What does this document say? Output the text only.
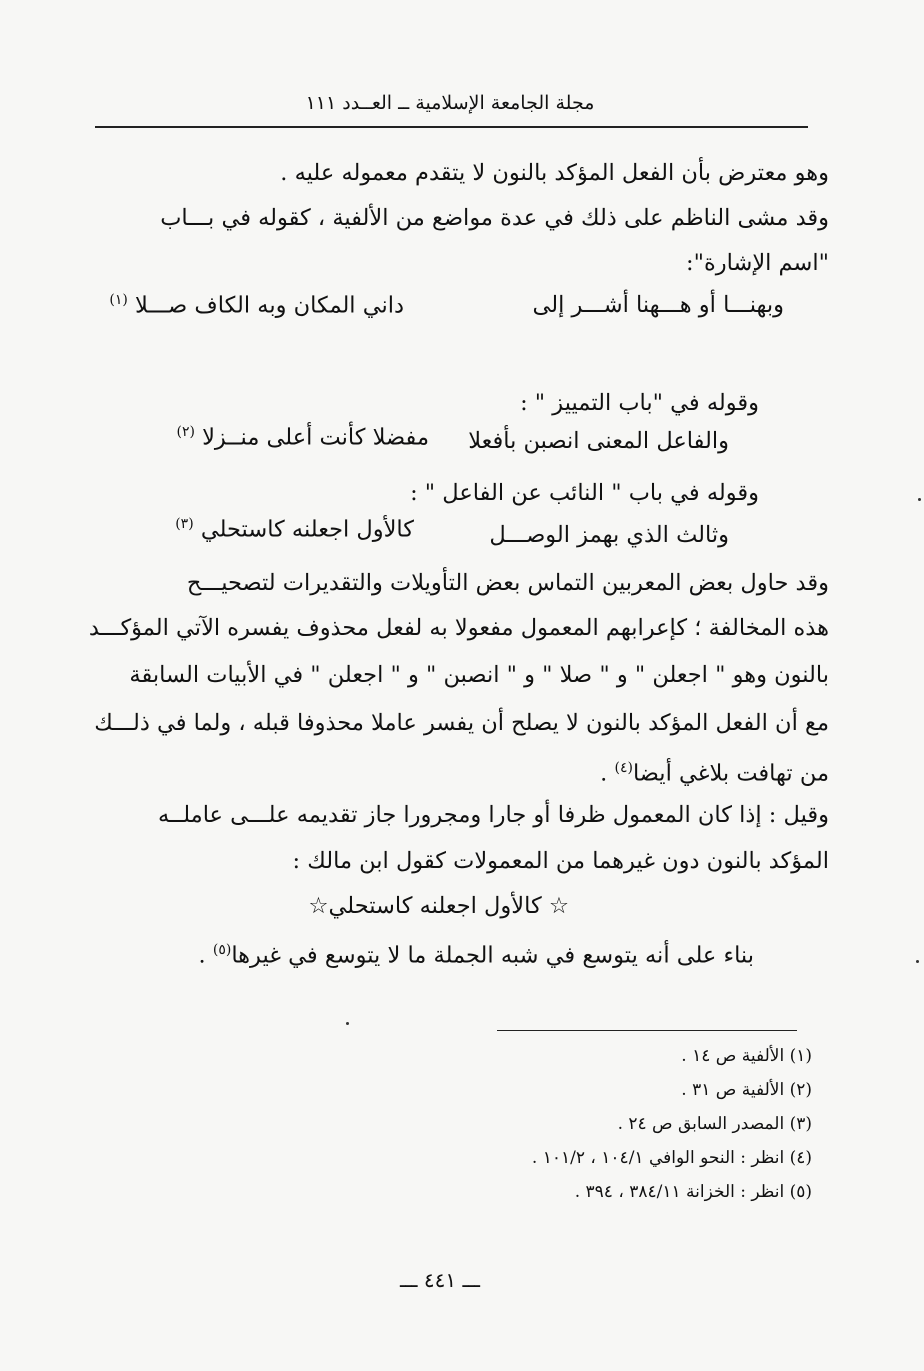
مجلة الجامعة الإسلامية ــ العــدد ١١١
وهو معترض بأن الفعل المؤكد بالنون لا يتقدم معموله عليه .
وقد مشى الناظم على ذلك في عدة مواضع من الألفية ، كقوله في بـــاب
"اسم الإشارة":
وبهنـــا أو هـــهنا أشـــر إلى
داني المكان وبه الكاف صـــلا $^{(١)}$
وقوله في "باب التمييز " :
والفاعل المعنى انصبن بأفعلا
مفضلا كأنت أعلى منــزلا $^{(٢)}$
وقوله في باب " النائب عن الفاعل " :
وثالث الذي بهمز الوصـــل
كالأول اجعلنه كاستحلي $^{(٣)}$
وقد حاول بعض المعربين التماس بعض التأويلات والتقديرات لتصحيـــح
هذه المخالفة ؛ كإعرابهم المعمول مفعولا به لفعل محذوف يفسره الآتي المؤكـــد
بالنون وهو " اجعلن " و " صلا " و " انصبن " و " اجعلن " في الأبيات السابقة
مع أن الفعل المؤكد بالنون لا يصلح أن يفسر عاملا محذوفا قبله ، ولما في ذلـــك
من تهافت بلاغي أيضا$^{(٤)}$ .
وقيل : إذا كان المعمول ظرفا أو جارا ومجرورا جاز تقديمه علـــى عاملــه
المؤكد بالنون دون غيرهما من المعمولات كقول ابن مالك :
☆ كالأول اجعلنه كاستحلي☆
بناء على أنه يتوسع في شبه الجملة ما لا يتوسع في غيرها$^{(٥)}$ .
(١) الألفية ص ١٤ .
(٢) الألفية ص ٣١ .
(٣) المصدر السابق ص ٢٤ .
(٤) انظر : النحو الوافي ١٠٤/١ ، ١٠١/٢ .
(٥) انظر : الخزانة ٣٨٤/١١ ، ٣٩٤ .
ـــ ٤٤١ ـــ
